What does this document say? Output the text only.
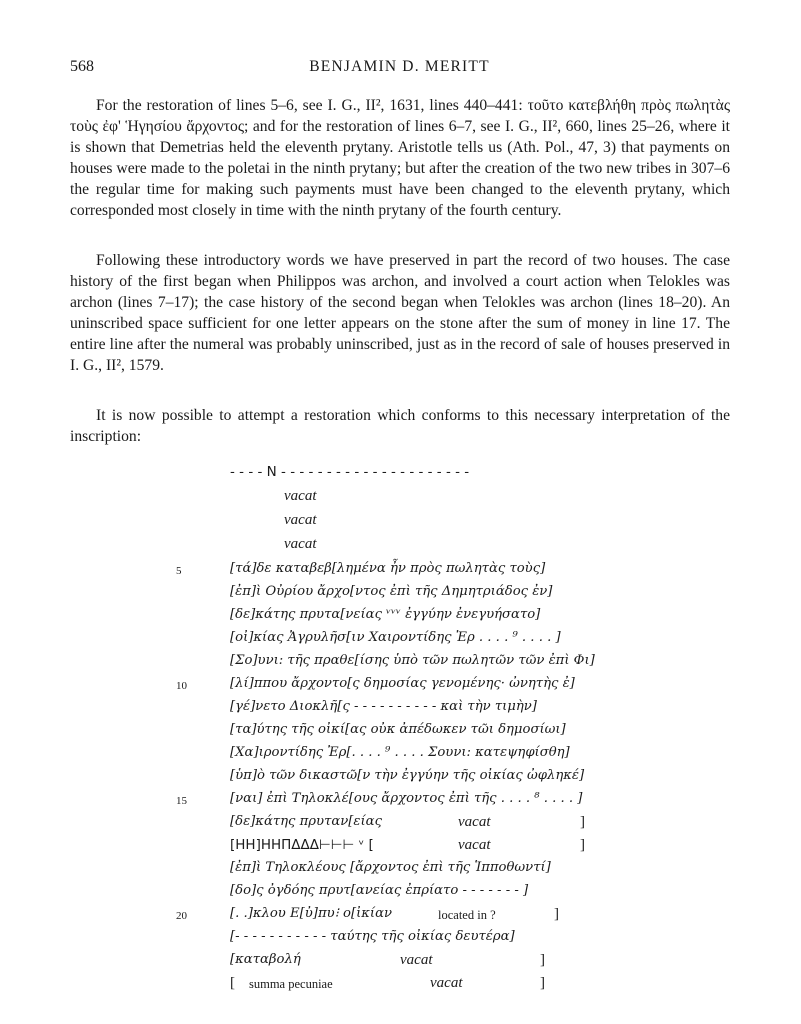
568	BENJAMIN D. MERITT

For the restoration of lines 5–6, see I. G., II², 1631, lines 440–441: τοῦτο κατεβλήθη πρὸς πωλητὰς τοὺς ἐφ' Ἡγησίου ἄρχοντος; and for the restoration of lines 6–7, see I. G., II², 660, lines 25–26, where it is shown that Demetrias held the eleventh prytany. Aristotle tells us (Ath. Pol., 47, 3) that payments on houses were made to the poletai in the ninth prytany; but after the creation of the two new tribes in 307–6 the regular time for making such payments must have been changed to the eleventh prytany, which corresponded most closely in time with the ninth prytany of the fourth century.

Following these introductory words we have preserved in part the record of two houses. The case history of the first began when Philippos was archon, and involved a court action when Telokles was archon (lines 7–17); the case history of the second began when Telokles was archon (lines 18–20). An uninscribed space sufficient for one letter appears on the stone after the sum of money in line 17. The entire line after the numeral was probably uninscribed, just as in the record of sale of houses preserved in I. G., II², 1579.

It is now possible to attempt a restoration which conforms to this necessary interpretation of the inscription:

- - - - N - - - - - - - - - - - - - - - - - - - - -
vacat
vacat
vacat
5	[τά]δε καταβεβ[λημένα ἦν πρὸς πωλητὰς τοὺς]
[ἐπ]ὶ Οὐρίου ἄρχο[ντος ἐπὶ τῆς Δημητριάδος ἐν]
[δε]κάτης πρυτα[νείας ᵛᵛᵛ ἐγγύην ἐνεγυήσατο]
[οἰ]κίας Ἀγρυλῆσ[ιν Χαιροντίδης Ἐρ . . . . ⁹ . . . . ]
[Σο]υνι: τῆς πραθε[ίσης ὑπὸ τῶν πωλητῶν τῶν ἐπὶ Φι]
10	[λί]ππου ἄρχοντο[ς δημοσίας γενομένης· ὠνητὴς ἐ]
[γέ]νετο Διοκλῆ[ς - - - - - - - - - - καὶ τὴν τιμὴν]
[τα]ύτης τῆς οἰκί[ας οὐκ ἀπέδωκεν τῶι δημοσίωι]
[Χα]ιροντίδης Ἐρ[. . . . ⁹ . . . . Σουνι: κατεψηφίσθη]
[ὑπ]ὸ τῶν δικαστῶ[ν τὴν ἐγγύην τῆς οἰκίας ὠφληκέ]
15	[ναι] ἐπὶ Τηλοκλέ[ους ἄρχοντος ἐπὶ τῆς . . . . ⁸ . . . . ]
[δε]κάτης πρυταν[είας	vacat	]
[HH]HHΠΔΔΔ⊢⊢⊢ ᵛ [	vacat	]
[ἐπ]ὶ Τηλοκλέους [ἄρχοντος ἐπὶ τῆς Ἱπποθωντί]
[δο]ς ὀγδόης πρυτ[ανείας ἐπρίατο - - - - - - - ]
20	[. .]κλου Ε[ὐ]πυ⁝ ο[ἰκίαν	located in ?	]
[- - - - - - - - - - - ταύτης τῆς οἰκίας δευτέρα]
[καταβολή	vacat	]
[ summa pecuniae	vacat	]
